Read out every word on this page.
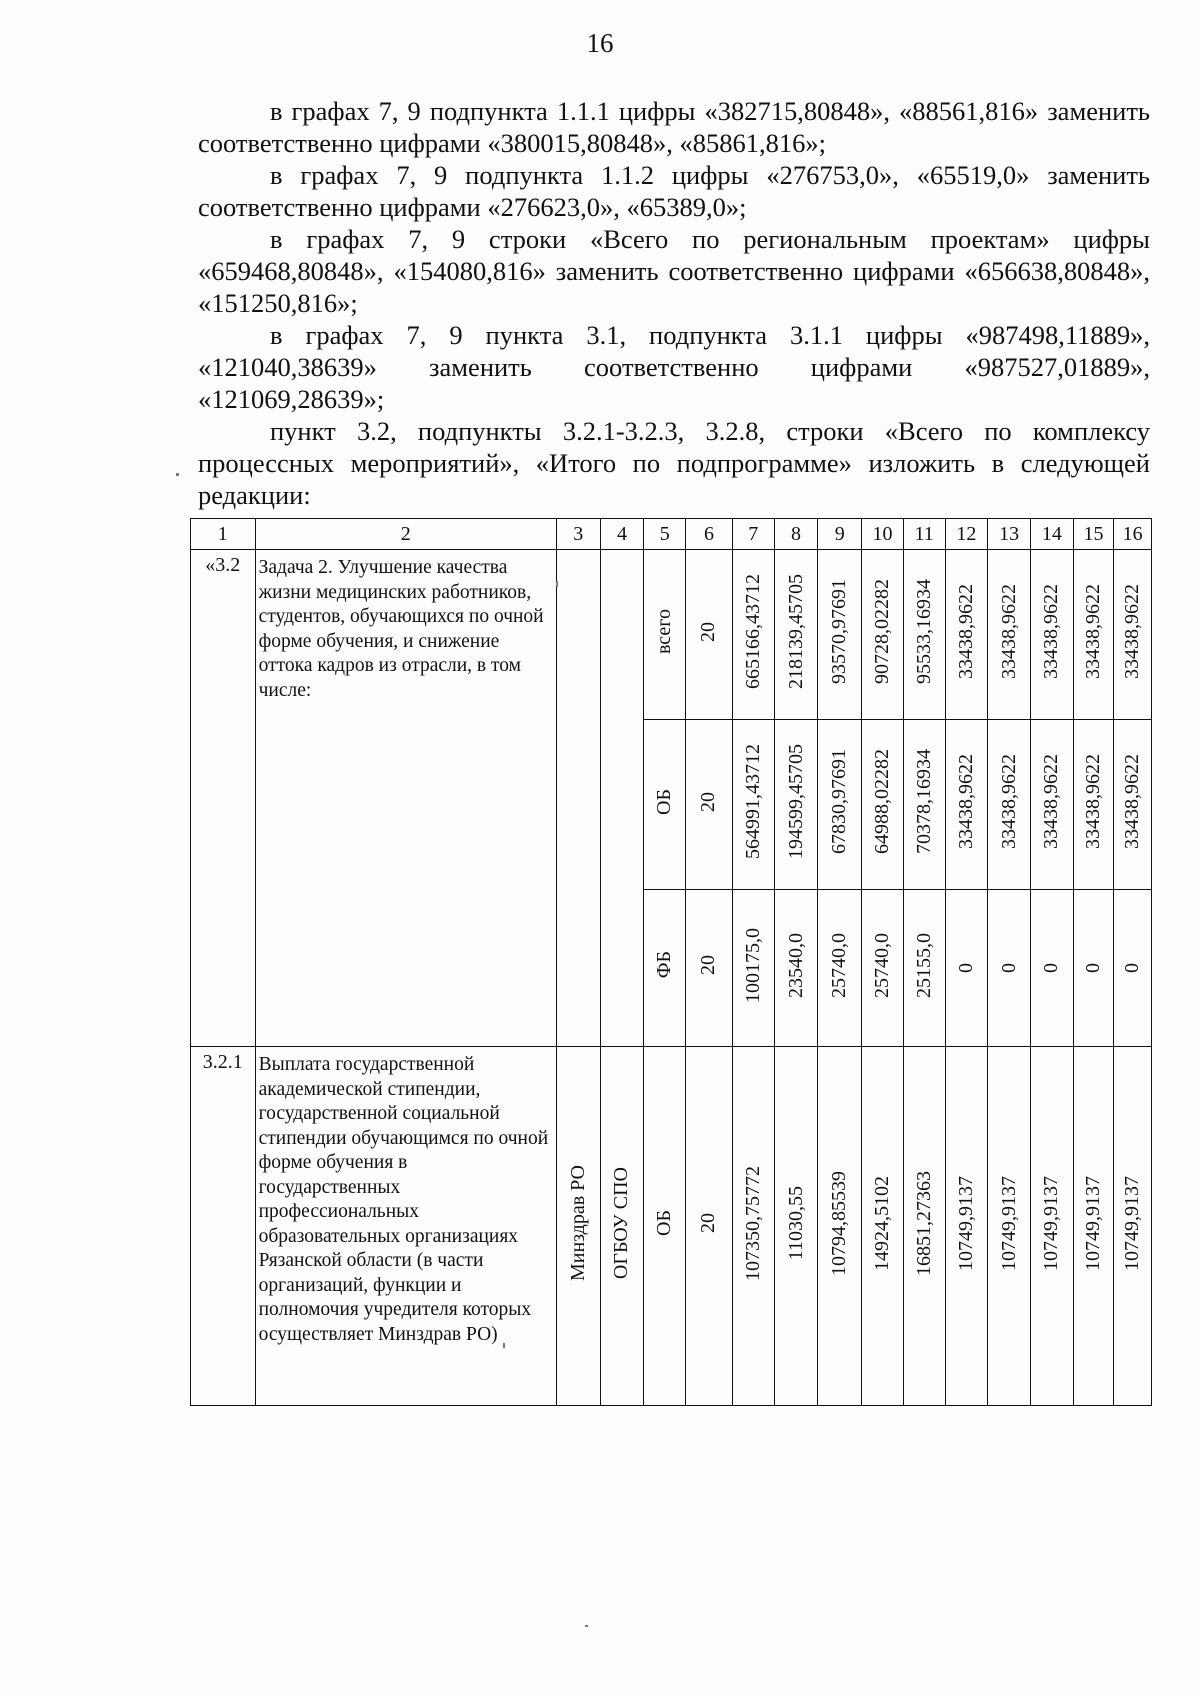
16

в графах 7, 9 подпункта 1.1.1 цифры «382715,80848», «88561,816» заменить соответственно цифрами «380015,80848», «85861,816»;

в графах 7, 9 подпункта 1.1.2 цифры «276753,0», «65519,0» заменить соответственно цифрами «276623,0», «65389,0»;

в графах 7, 9 строки «Всего по региональным проектам» цифры «659468,80848», «154080,816» заменить соответственно цифрами «656638,80848», «151250,816»;

в графах 7, 9 пункта 3.1, подпункта 3.1.1 цифры «987498,11889», «121040,38639» заменить соответственно цифрами «987527,01889», «121069,28639»;

пункт 3.2, подпункты 3.2.1-3.2.3, 3.2.8, строки «Всего по комплексу процессных мероприятий», «Итого по подпрограмме» изложить в следующей редакции:

1	2	3	4	5	6	7	8	9	10	11	12	13	14	15	16
«3.2	Задача 2. Улучшение качества жизни медицинских работников, студентов, обучающихся по очной форме обучения, и снижение оттока кадров из отрасли, в том числе:			всего	20	665166,43712	218139,45705	93570,97691	90728,02282	95533,16934	33438,9622	33438,9622	33438,9622	33438,9622	33438,9622
				ОБ	20	564991,43712	194599,45705	67830,97691	64988,02282	70378,16934	33438,9622	33438,9622	33438,9622	33438,9622	33438,9622
				ФБ	20	100175,0	23540,0	25740,0	25740,0	25155,0	0	0	0	0	0
3.2.1	Выплата государственной академической стипендии, государственной социальной стипендии обучающимся по очной форме обучения в государственных профессиональных образовательных организациях Рязанской области (в части организаций, функции и полномочия учредителя которых осуществляет Минздрав РО)	Минздрав РО	ОГБОУ СПО	ОБ	20	107350,75772	11030,55	10794,85539	14924,5102	16851,27363	10749,9137	10749,9137	10749,9137	10749,9137	10749,9137
